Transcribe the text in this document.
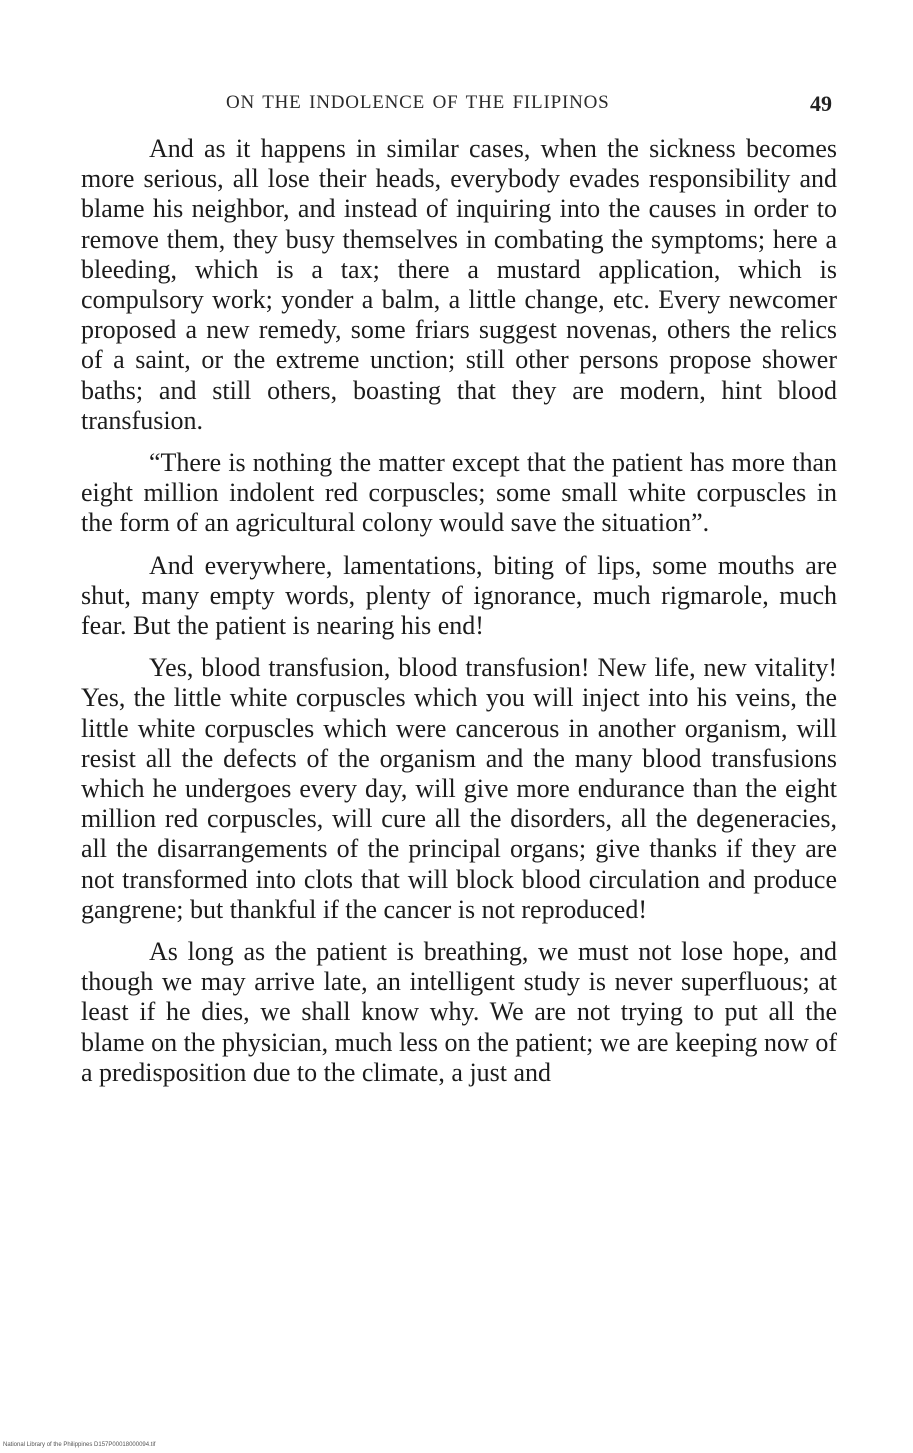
ON THE INDOLENCE OF THE FILIPINOS	49

And as it happens in similar cases, when the sickness becomes more serious, all lose their heads, everybody evades responsibility and blame his neighbor, and instead of inquiring into the causes in order to remove them, they busy themselves in combating the symptoms; here a bleeding, which is a tax; there a mustard application, which is compulsory work; yonder a balm, a little change, etc. Every newcomer proposed a new remedy, some friars suggest novenas, others the relics of a saint, or the extreme unction; still other persons propose shower baths; and still others, boasting that they are modern, hint blood transfusion.

“There is nothing the matter except that the patient has more than eight million indolent red corpuscles; some small white corpuscles in the form of an agricultural colony would save the situation”.

And everywhere, lamentations, biting of lips, some mouths are shut, many empty words, plenty of ignorance, much rigmarole, much fear. But the patient is nearing his end!

Yes, blood transfusion, blood transfusion! New life, new vitality! Yes, the little white corpuscles which you will inject into his veins, the little white corpuscles which were cancerous in another organism, will resist all the defects of the organism and the many blood transfusions which he undergoes every day, will give more endurance than the eight million red corpuscles, will cure all the disorders, all the degeneracies, all the disarrangements of the principal organs; give thanks if they are not transformed into clots that will block blood circulation and produce gangrene; but thankful if the cancer is not reproduced!

As long as the patient is breathing, we must not lose hope, and though we may arrive late, an intelligent study is never superfluous; at least if he dies, we shall know why. We are not trying to put all the blame on the physician, much less on the patient; we are keeping now of a predisposition due to the climate, a just and

National Library of the Philippines D157P00018000094.tif
